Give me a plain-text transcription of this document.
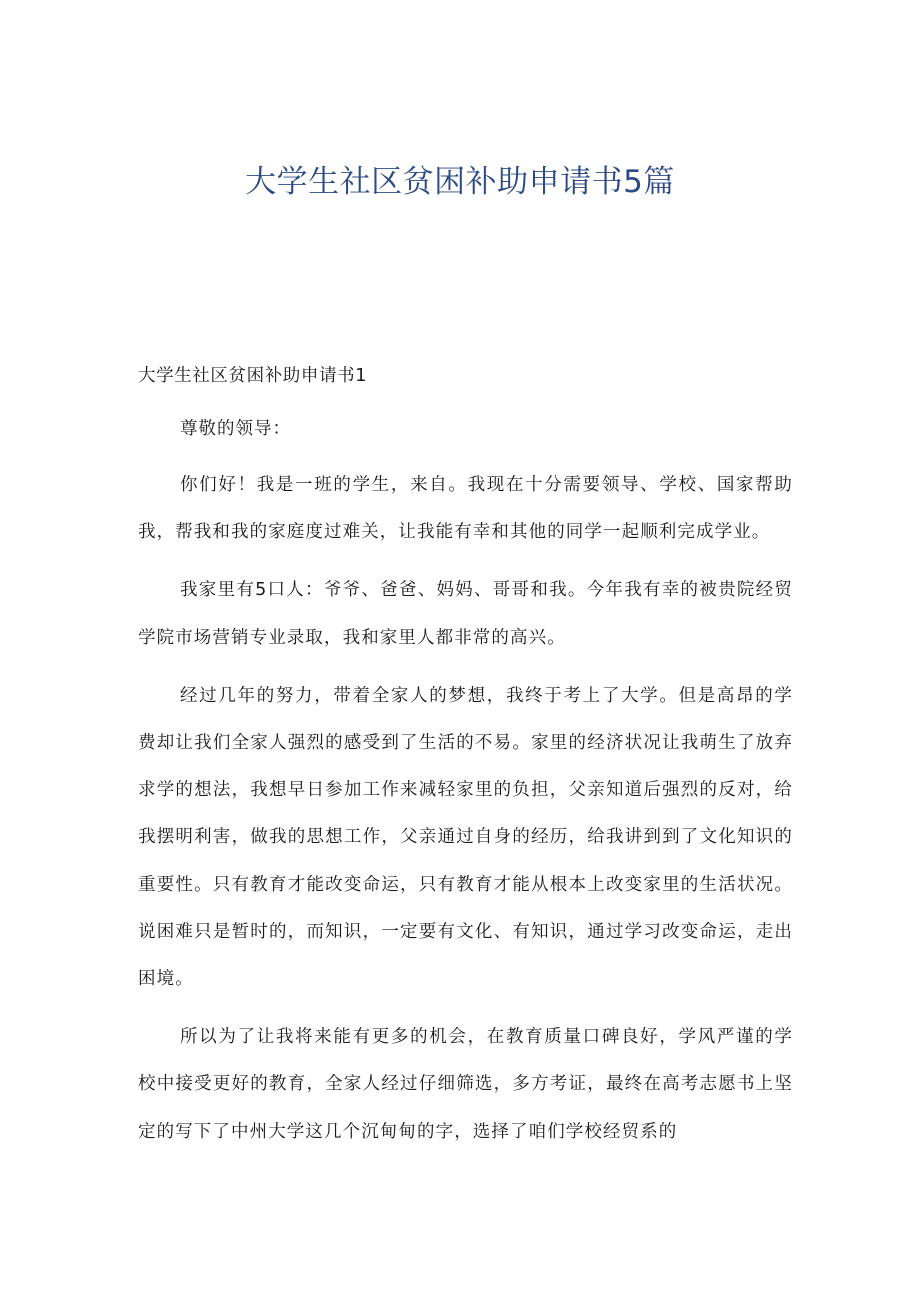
大学生社区贫困补助申请书5篇

大学生社区贫困补助申请书1

尊敬的领导：

你们好！我是一班的学生，来自。我现在十分需要领导、学校、国家帮助我，帮我和我的家庭度过难关，让我能有幸和其他的同学一起顺利完成学业。

我家里有5口人：爷爷、爸爸、妈妈、哥哥和我。今年我有幸的被贵院经贸学院市场营销专业录取，我和家里人都非常的高兴。

经过几年的努力，带着全家人的梦想，我终于考上了大学。但是高昂的学费却让我们全家人强烈的感受到了生活的不易。家里的经济状况让我萌生了放弃求学的想法，我想早日参加工作来减轻家里的负担，父亲知道后强烈的反对，给我摆明利害，做我的思想工作，父亲通过自身的经历，给我讲到到了文化知识的重要性。只有教育才能改变命运，只有教育才能从根本上改变家里的生活状况。说困难只是暂时的，而知识，一定要有文化、有知识，通过学习改变命运，走出困境。

所以为了让我将来能有更多的机会，在教育质量口碑良好，学风严谨的学校中接受更好的教育，全家人经过仔细筛选，多方考证，最终在高考志愿书上坚定的写下了中州大学这几个沉甸甸的字，选择了咱们学校经贸系的
